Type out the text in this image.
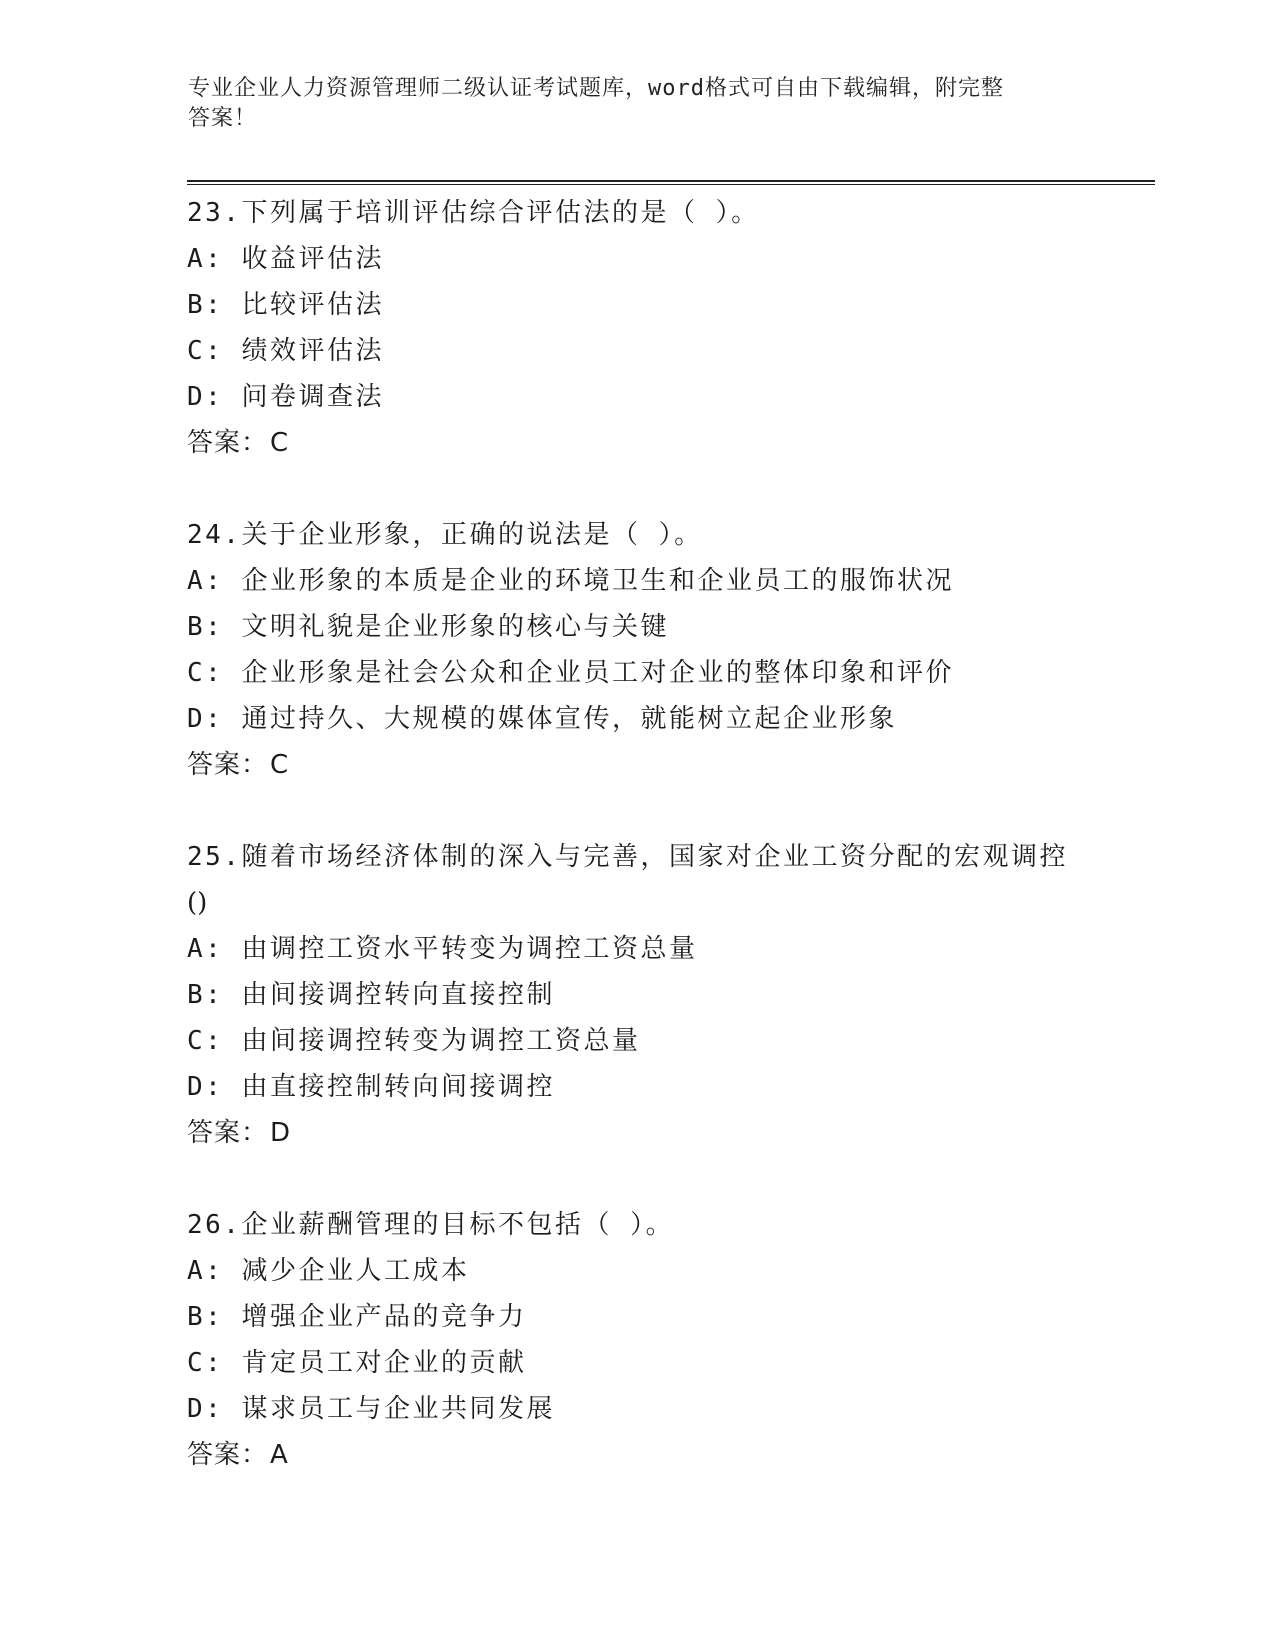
专业企业人力资源管理师二级认证考试题库，word格式可自由下载编辑，附完整
答案！
23.下列属于培训评估综合评估法的是（ ）。
A: 收益评估法
B: 比较评估法
C: 绩效评估法
D: 问卷调查法
答案：C
24.关于企业形象，正确的说法是（ ）。
A: 企业形象的本质是企业的环境卫生和企业员工的服饰状况
B: 文明礼貌是企业形象的核心与关键
C: 企业形象是社会公众和企业员工对企业的整体印象和评价
D: 通过持久、大规模的媒体宣传，就能树立起企业形象
答案：C
25.随着市场经济体制的深入与完善，国家对企业工资分配的宏观调控
()
A: 由调控工资水平转变为调控工资总量
B: 由间接调控转向直接控制
C: 由间接调控转变为调控工资总量
D: 由直接控制转向间接调控
答案：D
26.企业薪酬管理的目标不包括（ ）。
A: 减少企业人工成本
B: 增强企业产品的竞争力
C: 肯定员工对企业的贡献
D: 谋求员工与企业共同发展
答案：A
